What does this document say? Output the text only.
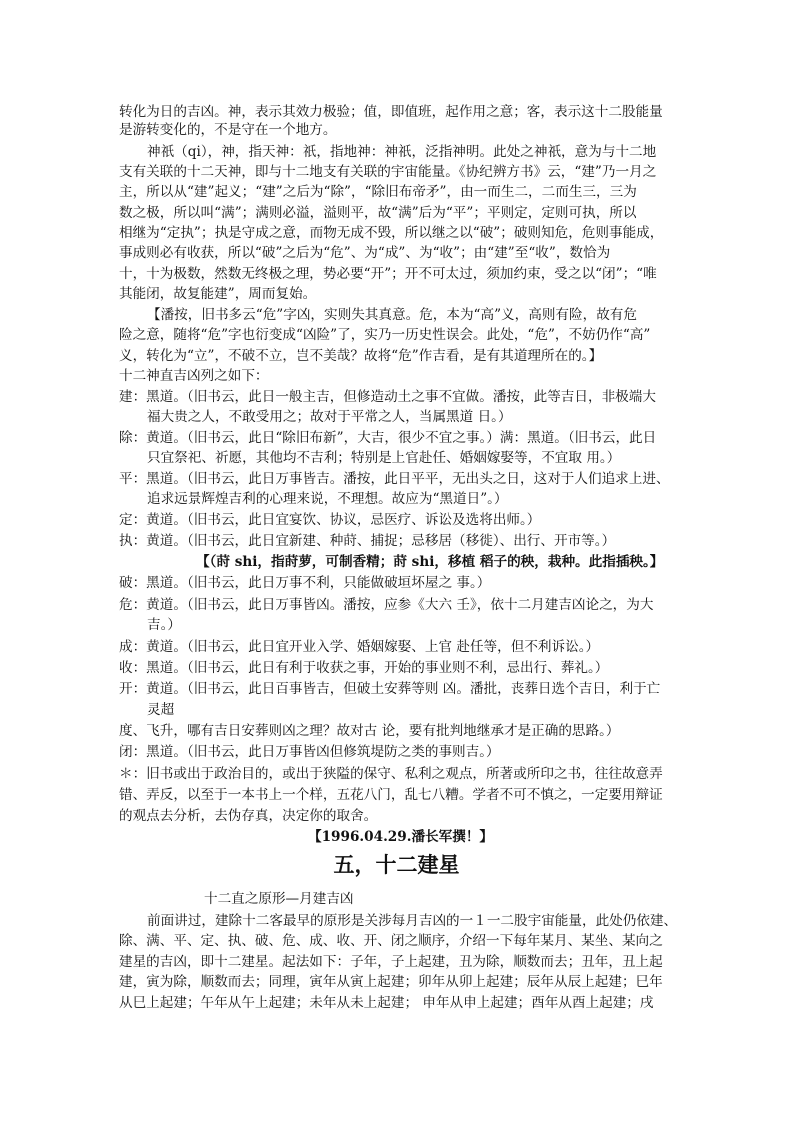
转化为日的吉凶。神，表示其效力极验；值，即值班，起作用之意；客，表示这十二股能量
是游转变化的，不是守在一个地方。
神祇（qi），神，指天神：祇，指地神：神祇，泛指神明。此处之神祇，意为与十二地
支有关联的十二天神，即与十二地支有关联的宇宙能量。《协纪辨方书》云，“建”乃一月之
主，所以从“建”起义；“建”之后为“除”，“除旧布帝矛”，由一而生二，二而生三，三为
数之极，所以叫“满”；满则必溢，溢则平，故“满”后为“平”；平则定，定则可执，所以
相继为“定执”；执是守成之意，而物无成不毁，所以继之以“破”；破则知危，危则事能成，
事成则必有收获，所以“破”之后为“危”、为“成”、为“收”；由“建”至“收”，数恰为
十，十为极数，然数无终极之理，势必要“开”；开不可太过，须加约束，受之以“闭”；“唯
其能闭，故复能建”，周而复始。
【潘按，旧书多云“危”字凶，实则失其真意。危，本为“高”义，高则有险，故有危
险之意，随将“危”字也衍变成“凶险”了，实乃一历史性误会。此处，“危”，不妨仍作“高”
义，转化为“立”，不破不立，岂不美哉？故将“危”作吉看，是有其道理所在的。】
十二神直吉凶列之如下：
建：黑道。（旧书云，此日一般主吉，但修造动土之事不宜做。潘按，此等吉日，非极端大
福大贵之人，不敢受用之；故对于平常之人，当属黑道 日。）
除：黄道。（旧书云，此日“除旧布新”，大吉，很少不宜之事。）满：黑道。（旧书云，此日
只宜祭祀、祈愿，其他均不吉利；特别是上官赴任、婚姻嫁娶等，不宜取 用。）
平：黑道。（旧书云，此日万事皆吉。潘按，此日平平，无出头之日，这对于人们追求上进、
追求远景辉煌吉利的心理来说，不理想。故应为“黑道日”。）
定：黄道。（旧书云，此日宜宴饮、协议，忌医疗、诉讼及选将出师。）
执：黄道。（旧书云，此日宜新建、种莳、捕捉；忌移居（移徙）、出行、开市等。）
【（莳 shi，指莳萝，可制香精；莳 shi，移植 稻子的秧，栽种。此指插秧。】
破：黑道。（旧书云，此日万事不利，只能做破垣坏屋之 事。）
危：黄道。（旧书云，此日万事皆凶。潘按，应参《大六 壬》，依十二月建吉凶论之，为大
吉。）
成：黄道。（旧书云，此日宜开业入学、婚姻嫁娶、上官 赴任等，但不利诉讼。）
收：黑道。（旧书云，此日有利于收获之事，开始的事业则不利，忌出行、葬礼。）
开：黄道。（旧书云，此日百事皆吉，但破土安葬等则 凶。潘批，丧葬日选个吉日，利于亡
灵超
度、飞升，哪有吉日安葬则凶之理？故对古 论，要有批判地继承才是正确的思路。）
闭：黑道。（旧书云，此日万事皆凶但修筑堤防之类的事则吉。）
＊：旧书或出于政治目的，或出于狭隘的保守、私利之观点，所著或所印之书，往往故意弄
错、弄反，以至于一本书上一个样，五花八门，乱七八糟。学者不可不慎之，一定要用辩证
的观点去分析，去伪存真，决定你的取舍。
【1996.04.29.潘长军撰！】
五，十二建星
十二直之原形—月建吉凶
前面讲过，建除十二客最早的原形是关涉每月吉凶的一１一二股宇宙能量，此处仍依建、
除、满、平、定、执、破、危、成、收、开、闭之顺序，介绍一下每年某月、某坐、某向之
建星的吉凶，即十二建星。起法如下：子年，子上起建，丑为除，顺数而去；丑年，丑上起
建，寅为除，顺数而去；同理，寅年从寅上起建；卯年从卯上起建；辰年从辰上起建；巳年
从巳上起建；午年从午上起建；未年从未上起建； 申年从申上起建；酉年从酉上起建；戌
